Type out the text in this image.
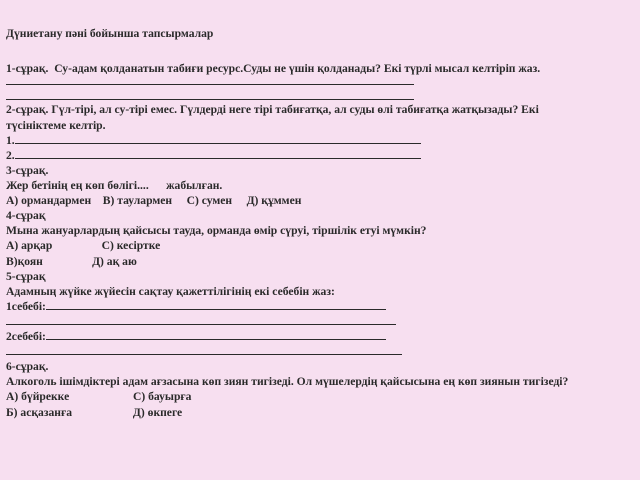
Дүниетану пәні бойынша тапсырмалар
1-сұрақ.  Су-адам қолданатын табиғи ресурс.Суды не үшін қолданады? Екі түрлі мысал келтіріп жаз.
2-сұрақ. Гүл-тірі, ал су-тірі емес. Гүлдерді неге тірі табиғатқа, ал суды өлі табиғатқа жатқызады? Екі
түсініктеме келтір.
1.
2.
3-сұрақ.
Жер бетінің ең көп бөлігі....      жабылған.
А) ормандармен    В) таулармен     С) сумен     Д) құммен
4-сұрақ
Мына жануарлардың қайсысы тауда, орманда өмір сүруі, тіршілік етуі мүмкін?
А) арқар                 С) кесіртке
В)қоян                 Д) ақ аю
5-сұрақ
Адамның жүйке жүйесін сақтау қажеттілігінің екі себебін жаз:
1себебі:
2себебі:
6-сұрақ.
Алкоголь ішімдіктері адам ағзасына көп зиян тигізеді. Ол мүшелердің қайсысына ең көп зиянын тигізеді?
А) бүйрекке                      С) бауырға
Б) асқазанға                     Д) өкпеге
